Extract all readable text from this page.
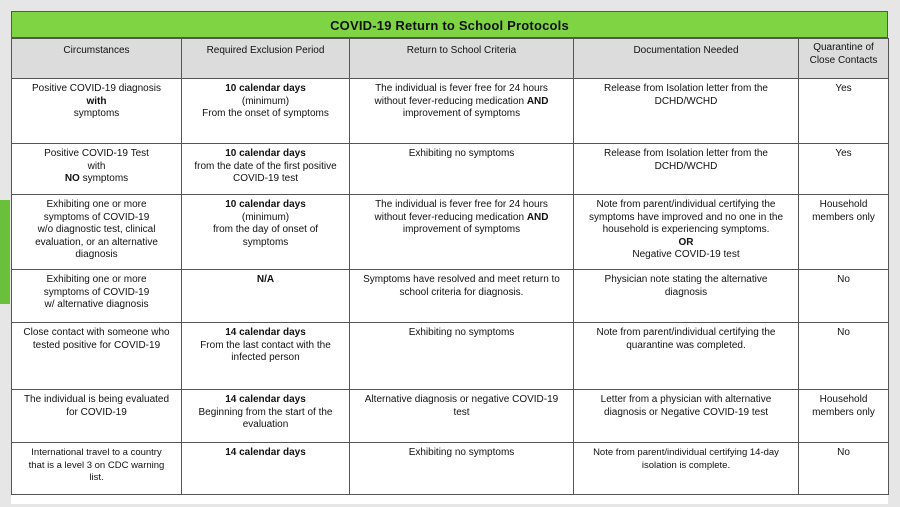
COVID-19 Return to School Protocols
Circumstances	Required Exclusion Period	Return to School Criteria	Documentation Needed	Quarantine of
Close Contacts

Positive COVID-19 diagnosis
with
symptoms	10 calendar days
(minimum)
From the onset of symptoms	The individual is fever free for 24 hours
without fever-reducing medication AND
improvement of symptoms	Release from Isolation letter from the
DCHD/WCHD	Yes

Positive COVID-19 Test
with
NO symptoms	10 calendar days
from the date of the first positive
COVID-19 test	Exhibiting no symptoms	Release from Isolation letter from the
DCHD/WCHD	Yes

Exhibiting one or more
symptoms of COVID-19
w/o diagnostic test, clinical
evaluation, or an alternative
diagnosis	10 calendar days
(minimum)
from the day of onset of
symptoms	The individual is fever free for 24 hours
without fever-reducing medication AND
improvement of symptoms	Note from parent/individual certifying the
symptoms have improved and no one in the
household is experiencing symptoms.
OR
Negative COVID-19 test	Household
members only

Exhibiting one or more
symptoms of COVID-19
w/ alternative diagnosis	N/A	Symptoms have resolved and meet return to
school criteria for diagnosis.	Physician note stating the alternative
diagnosis	No

Close contact with someone who
tested positive for COVID-19	14 calendar days
From the last contact with the
infected person	Exhibiting no symptoms	Note from parent/individual certifying the
quarantine was completed.	No

The individual is being evaluated
for COVID-19	14 calendar days
Beginning from the start of the
evaluation	Alternative diagnosis or negative COVID-19
test	Letter from a physician with alternative
diagnosis or Negative COVID-19 test	Household
members only

International travel to a country
that is a level 3 on CDC warning
list.	14 calendar days	Exhibiting no symptoms	Note from parent/individual certifying 14-day
isolation is complete.	No
